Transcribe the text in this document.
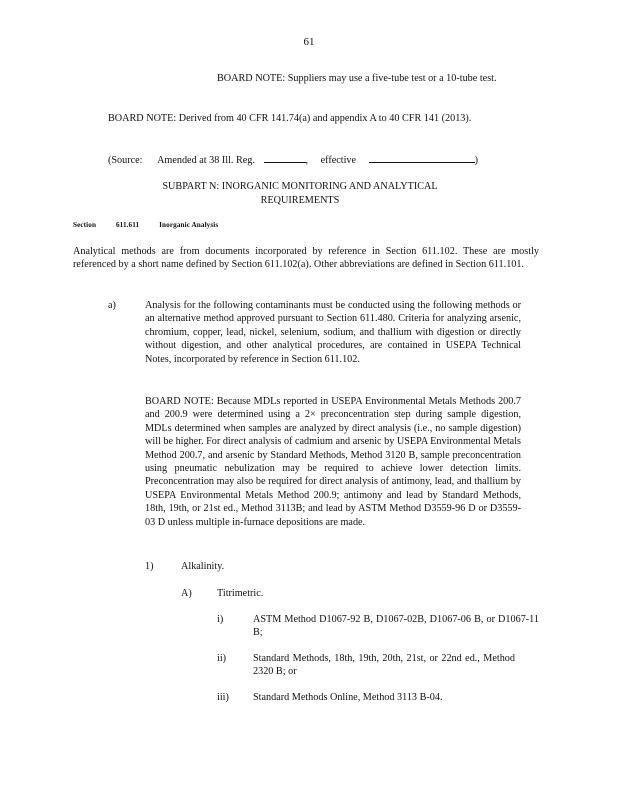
61
BOARD NOTE: Suppliers may use a five-tube test or a 10-tube test.
BOARD NOTE: Derived from 40 CFR 141.74(a) and appendix A to 40 CFR 141 (2013).
(Source: Amended at 38 Ill. Reg.	, effective	)
SUBPART N: INORGANIC MONITORING AND ANALYTICAL
REQUIREMENTS
Section	611.611	Inorganic Analysis
Analytical methods are from documents incorporated by reference in Section 611.102. These are mostly referenced by a short name defined by Section 611.102(a). Other abbreviations are defined in Section 611.101.
a)	Analysis for the following contaminants must be conducted using the following methods or an alternative method approved pursuant to Section 611.480. Criteria for analyzing arsenic, chromium, copper, lead, nickel, selenium, sodium, and thallium with digestion or directly without digestion, and other analytical procedures, are contained in USEPA Technical Notes, incorporated by reference in Section 611.102.
BOARD NOTE: Because MDLs reported in USEPA Environmental Metals Methods 200.7 and 200.9 were determined using a 2× preconcentration step during sample digestion, MDLs determined when samples are analyzed by direct analysis (i.e., no sample digestion) will be higher. For direct analysis of cadmium and arsenic by USEPA Environmental Metals Method 200.7, and arsenic by Standard Methods, Method 3120 B, sample preconcentration using pneumatic nebulization may be required to achieve lower detection limits. Preconcentration may also be required for direct analysis of antimony, lead, and thallium by USEPA Environmental Metals Method 200.9; antimony and lead by Standard Methods, 18th, 19th, or 21st ed., Method 3113B; and lead by ASTM Method D3559-96 D or D3559-03 D unless multiple in-furnace depositions are made.
1)	Alkalinity.
A) Titrimetric.
i)	ASTM Method D1067-92 B, D1067-02B, D1067-06 B, or D1067-11 B;
ii)	Standard Methods, 18th, 19th, 20th, 21st, or 22nd ed., Method 2320 B; or
iii) Standard Methods Online, Method 3113 B-04.
